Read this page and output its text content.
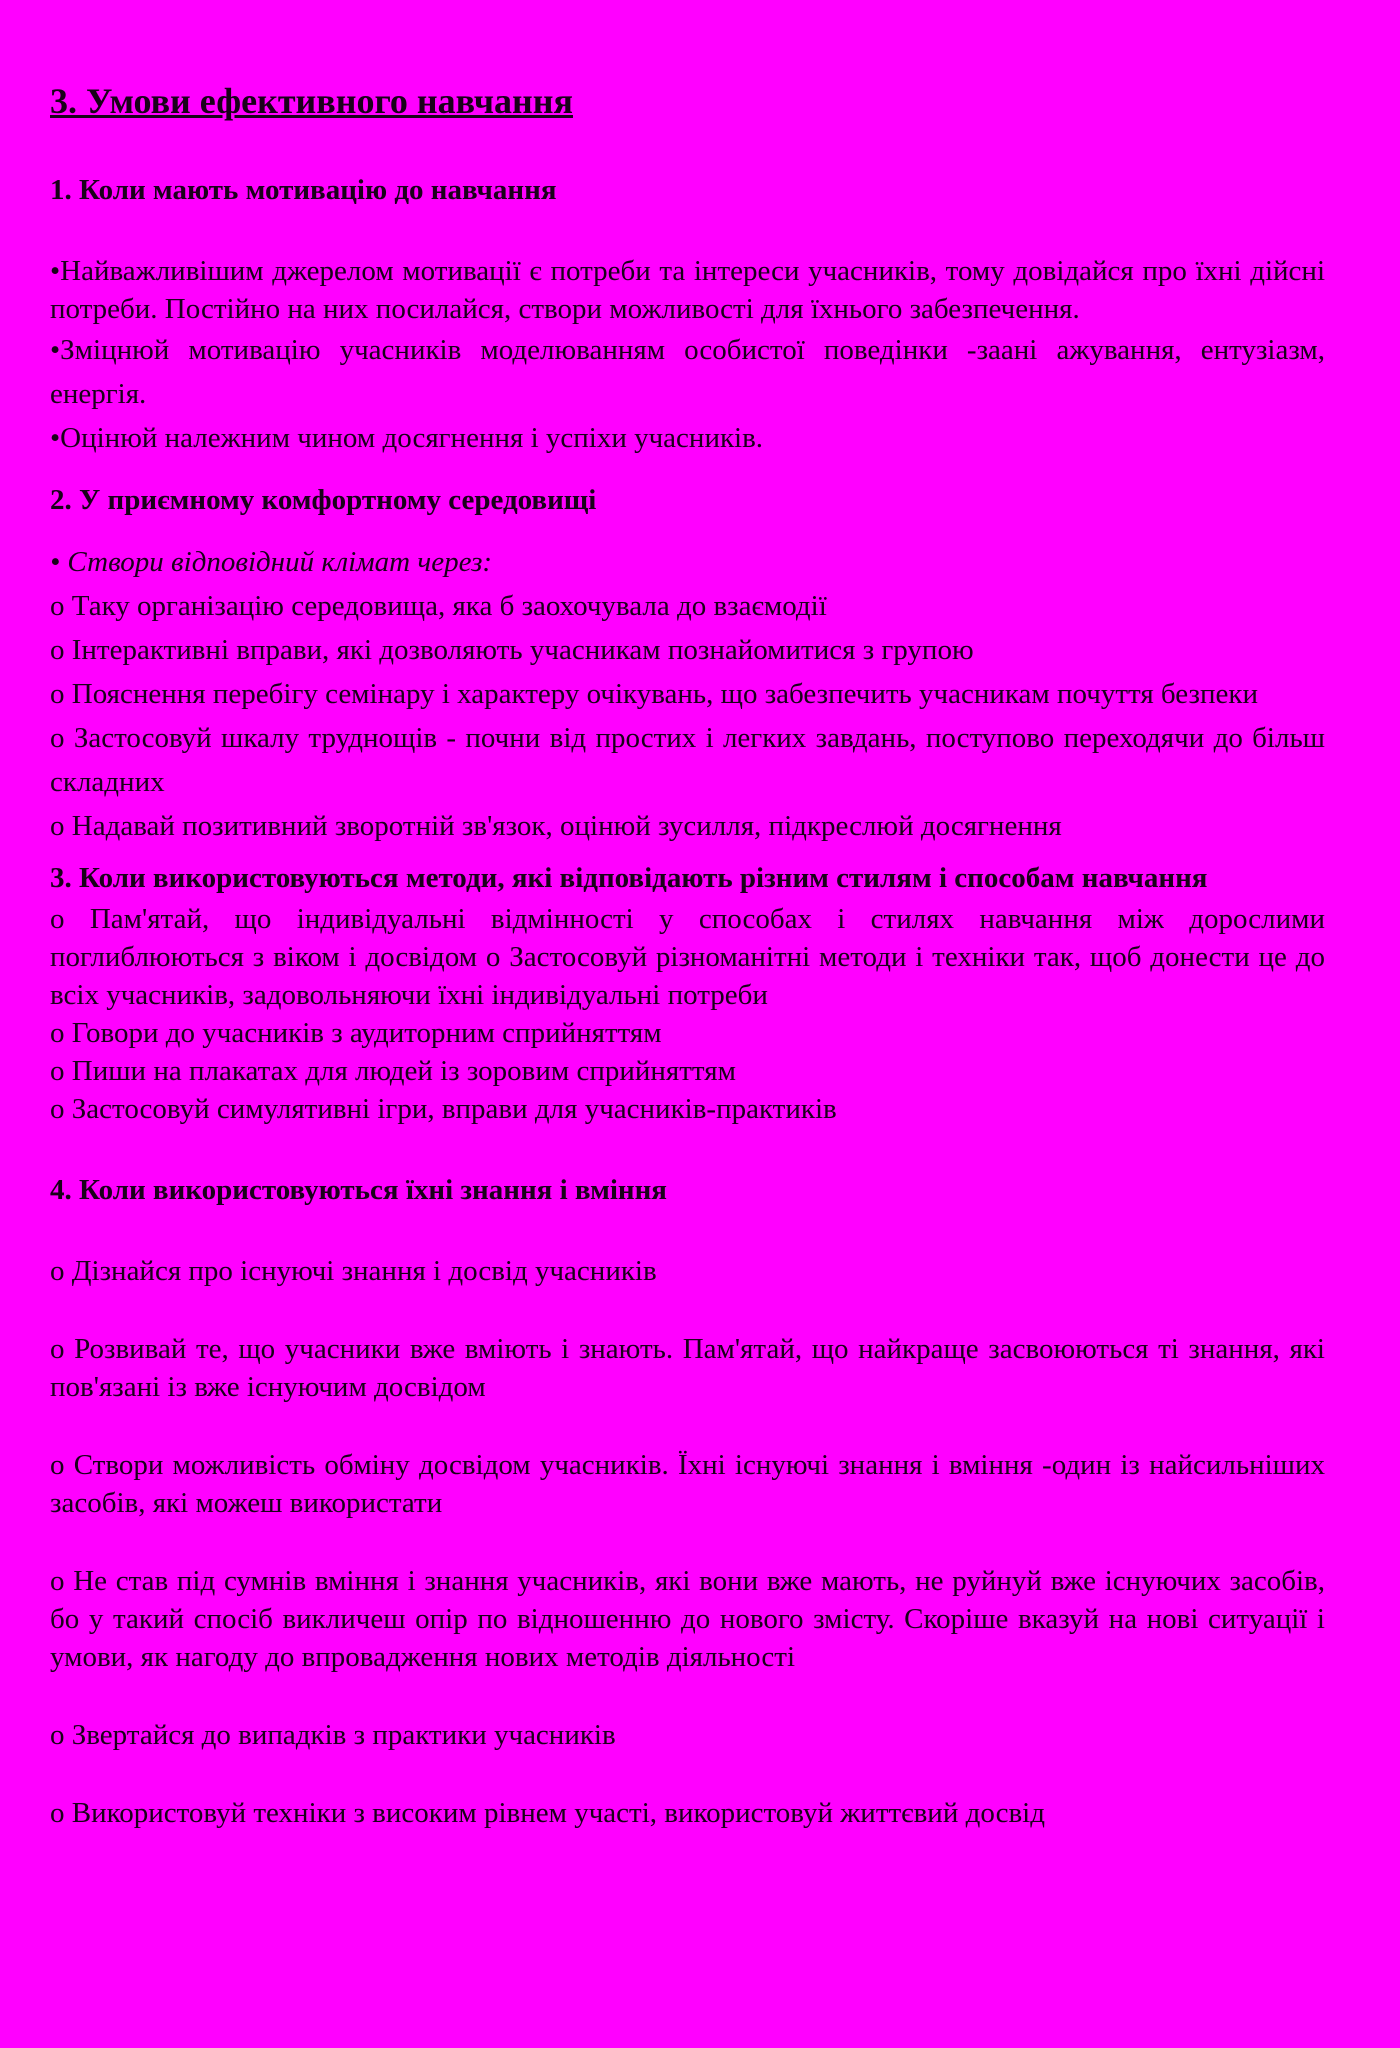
3. Умови ефективного навчання

1. Коли мають мотивацію до навчання

•Найважливішим джерелом мотивації є потреби та інтереси учасників, тому довідайся про їхні дійсні потреби. Постійно на них посилайся, створи можливості для їхнього забезпечення.

•Зміцнюй мотивацію учасників моделюванням особистої поведінки -заані ажування, ентузіазм, енергія.

•Оцінюй належним чином досягнення і успіхи учасників.

2. У приємному комфортному середовищі

• Створи відповідний клімат через:

o Таку організацію середовища, яка б заохочувала до взаємодії

o Інтерактивні вправи, які дозволяють учасникам познайомитися з групою

o Пояснення перебігу семінару і характеру очікувань, що забезпечить учасникам почуття безпеки

o Застосовуй шкалу труднощів - почни від простих і легких завдань, поступово переходячи до більш складних

o Надавай позитивний зворотній зв'язок, оцінюй зусилля, підкреслюй досягнення

3. Коли використовуються методи, які відповідають різним стилям і способам навчання

o Пам'ятай, що індивідуальні відмінності у способах і стилях навчання між дорослими поглиблюються з віком і досвідом o Застосовуй різноманітні методи і техніки так, щоб донести це до всіх учасників, задовольняючи їхні індивідуальні потреби

o Говори до учасників з аудиторним сприйняттям

o Пиши на плакатах для людей із зоровим сприйняттям

o Застосовуй симулятивні ігри, вправи для учасників-практиків

4. Коли використовуються їхні знання і вміння

o Дізнайся про існуючі знання і досвід учасників

o Розвивай те, що учасники вже вміють і знають. Пам'ятай, що найкраще засвоюються ті знання, які пов'язані із вже існуючим досвідом

o Створи можливість обміну досвідом учасників. Їхні існуючі знання і вміння -один із найсильніших засобів, які можеш використати

o Не став під сумнів вміння і знання учасників, які вони вже мають, не руйнуй вже існуючих засобів, бо у такий спосіб викличеш опір по відношенню до нового змісту. Скоріше вказуй на нові ситуації і умови, як нагоду до впровадження нових методів діяльності

o Звертайся до випадків з практики учасників

o Використовуй техніки з високим рівнем участі, використовуй життєвий досвід
